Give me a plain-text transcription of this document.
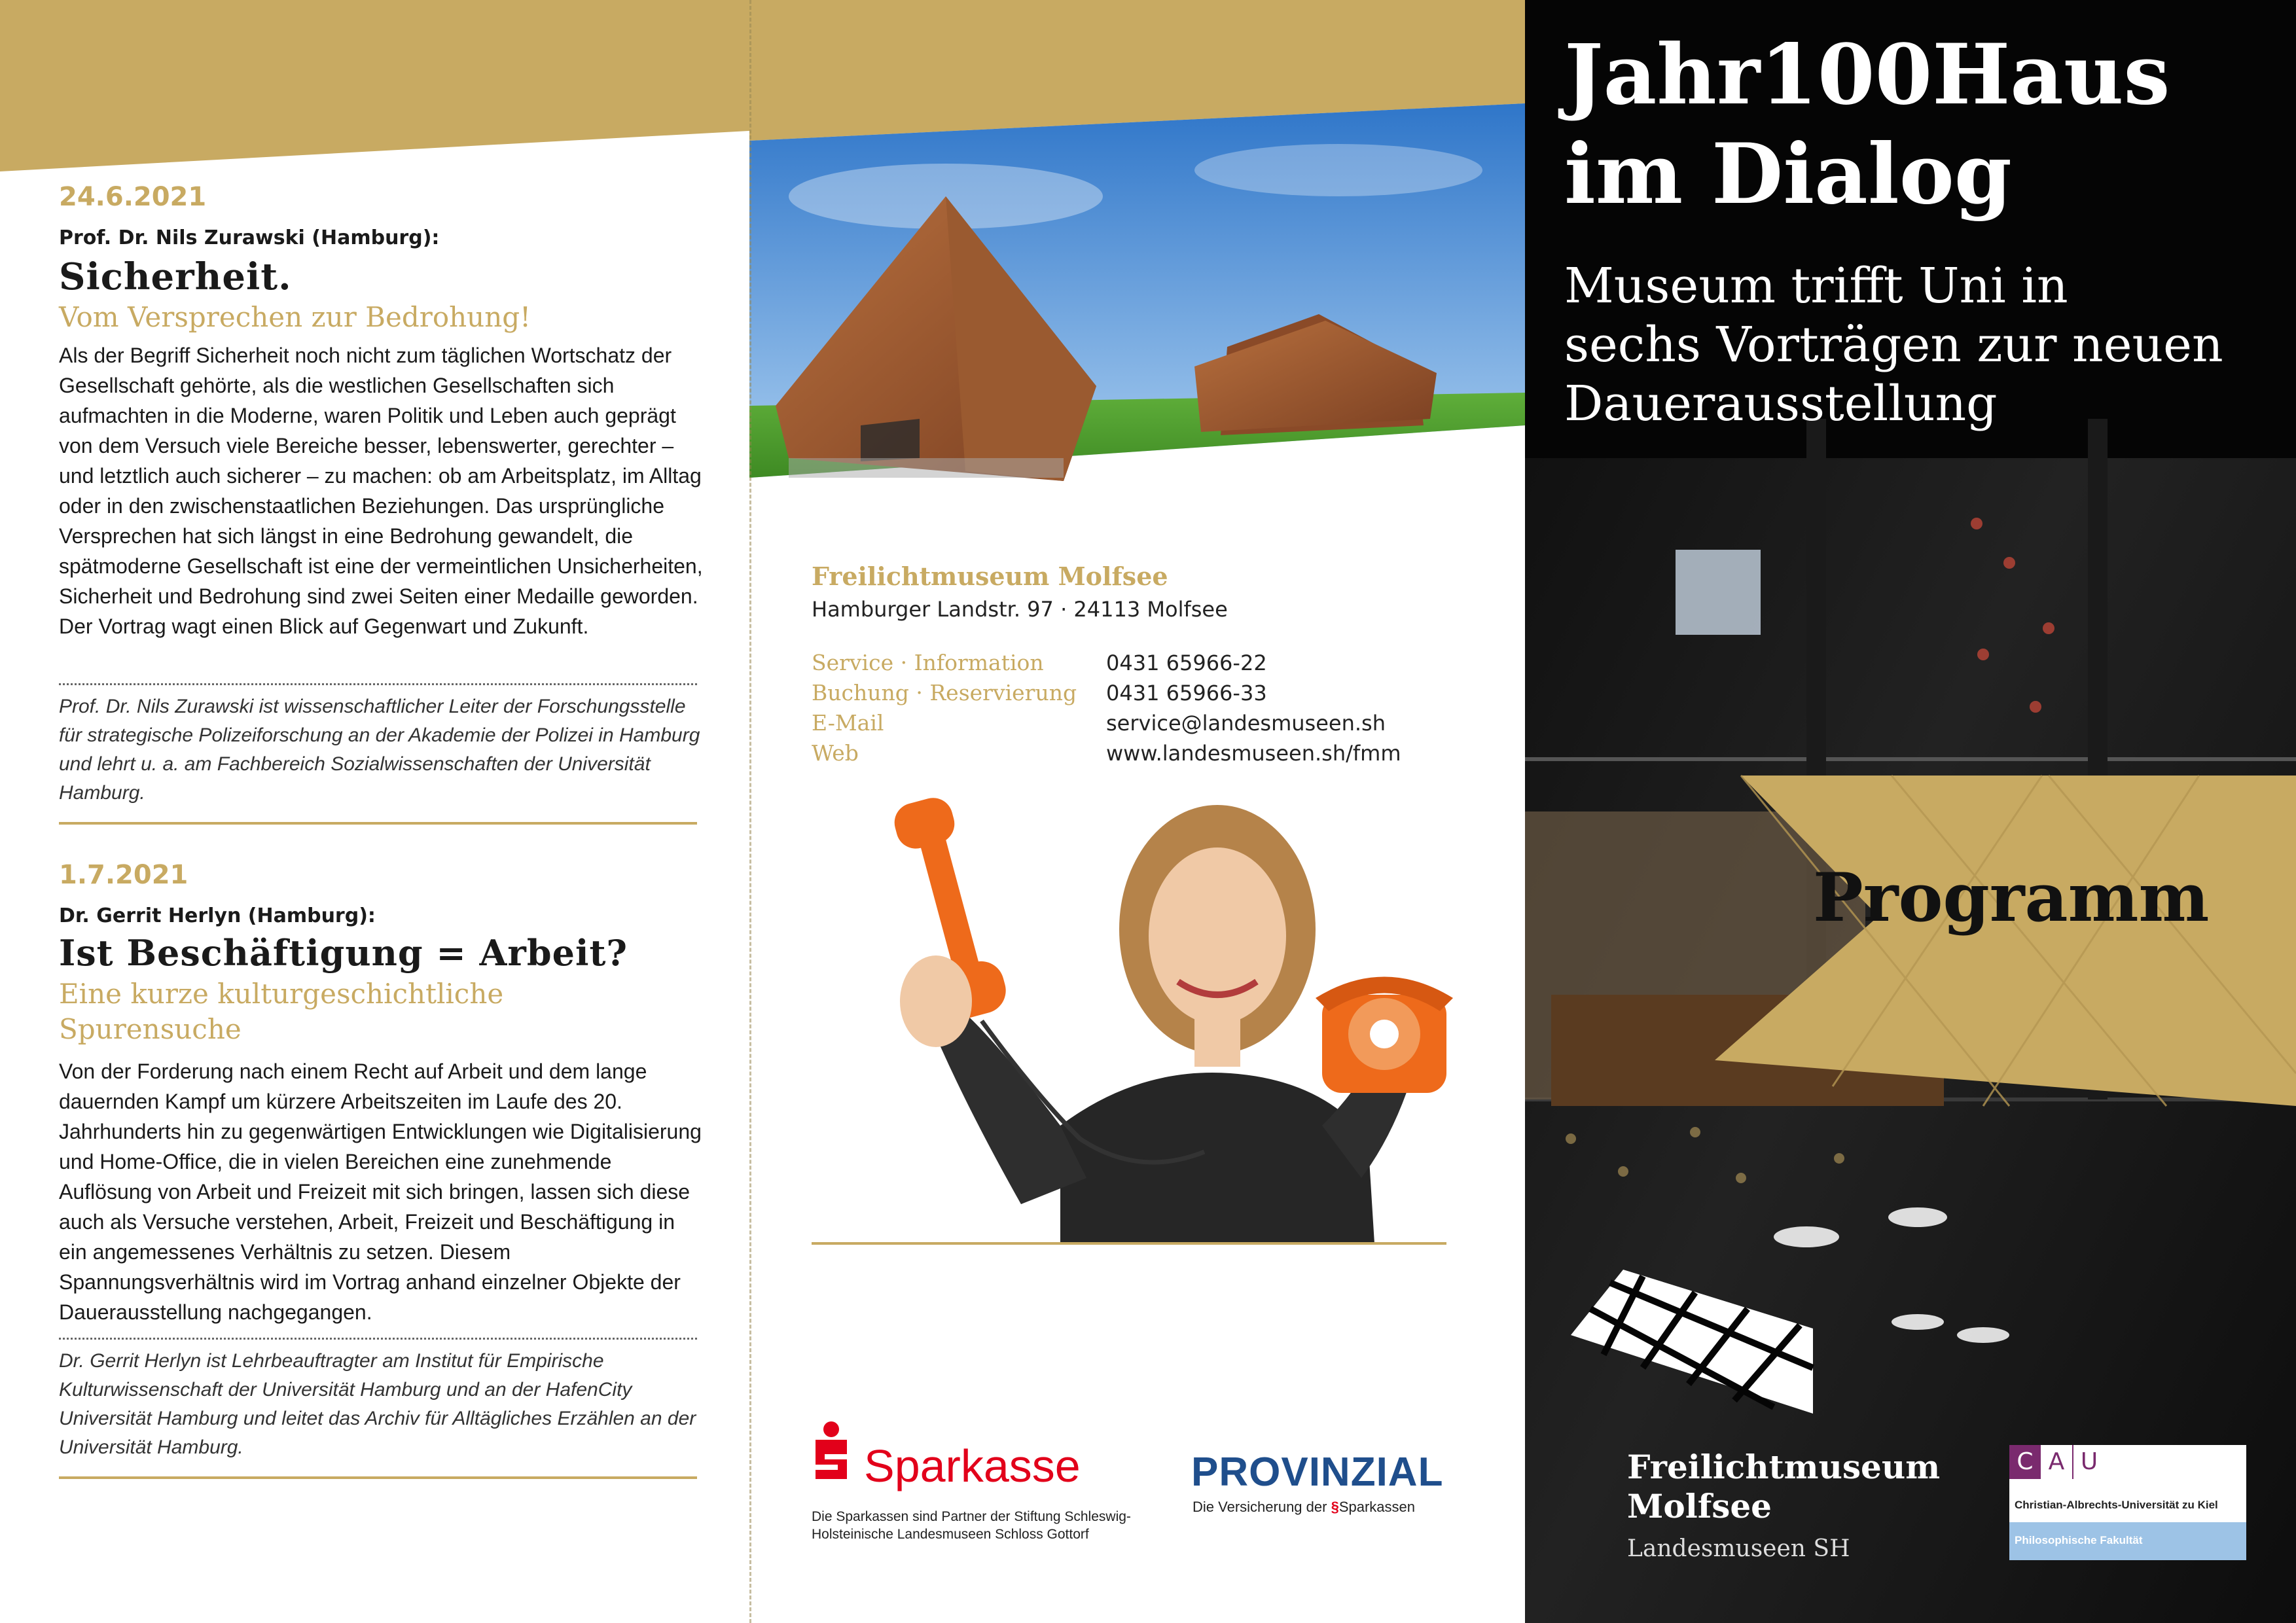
24.6.2021
Prof. Dr. Nils Zurawski (Hamburg):
Sicherheit.
Vom Versprechen zur Bedrohung!
Als der Begriff Sicherheit noch nicht zum täglichen Wortschatz der Gesellschaft gehörte, als die westlichen Gesellschaften sich aufmachten in die Moderne, waren Politik und Leben auch geprägt von dem Versuch viele Bereiche besser, lebenswerter, gerechter – und letztlich auch sicherer – zu machen: ob am Arbeitsplatz, im Alltag oder in den zwischenstaatlichen Beziehungen. Das ursprüngliche Versprechen hat sich längst in eine Bedrohung gewandelt, die spätmoderne Gesellschaft ist eine der vermeintlichen Unsicherheiten, Sicherheit und Bedrohung sind zwei Seiten einer Medaille geworden. Der Vortrag wagt einen Blick auf Gegenwart und Zukunft.
Prof. Dr. Nils Zurawski ist wissenschaftlicher Leiter der Forschungsstelle für strategische Polizeiforschung an der Akademie der Polizei in Hamburg und lehrt u. a. am Fachbereich Sozialwissenschaften der Universität Hamburg.
1.7.2021
Dr. Gerrit Herlyn (Hamburg):
Ist Beschäftigung = Arbeit?
Eine kurze kulturgeschichtliche Spurensuche
Von der Forderung nach einem Recht auf Arbeit und dem lange dauernden Kampf um kürzere Arbeitszeiten im Laufe des 20. Jahrhunderts hin zu gegenwärtigen Entwicklungen wie Digitalisierung und Home-Office, die in vielen Bereichen eine zunehmende Auflösung von Arbeit und Freizeit mit sich bringen, lassen sich diese auch als Versuche verstehen, Arbeit, Freizeit und Beschäftigung in ein angemessenes Verhältnis zu setzen. Diesem Spannungsverhältnis wird im Vortrag anhand einzelner Objekte der Dauerausstellung nachgegangen.
Dr. Gerrit Herlyn ist Lehrbeauftragter am Institut für Empirische Kulturwissenschaft der Universität Hamburg und an der HafenCity Universität Hamburg und leitet das Archiv für Alltägliches Erzählen an der Universität Hamburg.
Freilichtmuseum Molfsee
Hamburger Landstr. 97 · 24113 Molfsee
Service · Information	0431 65966-22
Buchung · Reservierung 0431 65966-33
E-Mail	service@landesmuseen.sh
Web	www.landesmuseen.sh/fmm
Sparkasse
Die Sparkassen sind Partner der Stiftung Schleswig-Holsteinische Landesmuseen Schloss Gottorf
PROVINZIAL
Die Versicherung der §Sparkassen
Jahr100Haus
im Dialog
Museum trifft Uni in
sechs Vorträgen zur neuen
Dauerausstellung
Programm
Freilichtmuseum
Molfsee
Landesmuseen SH
C A U
Christian-Albrechts-Universität zu Kiel
Philosophische Fakultät
